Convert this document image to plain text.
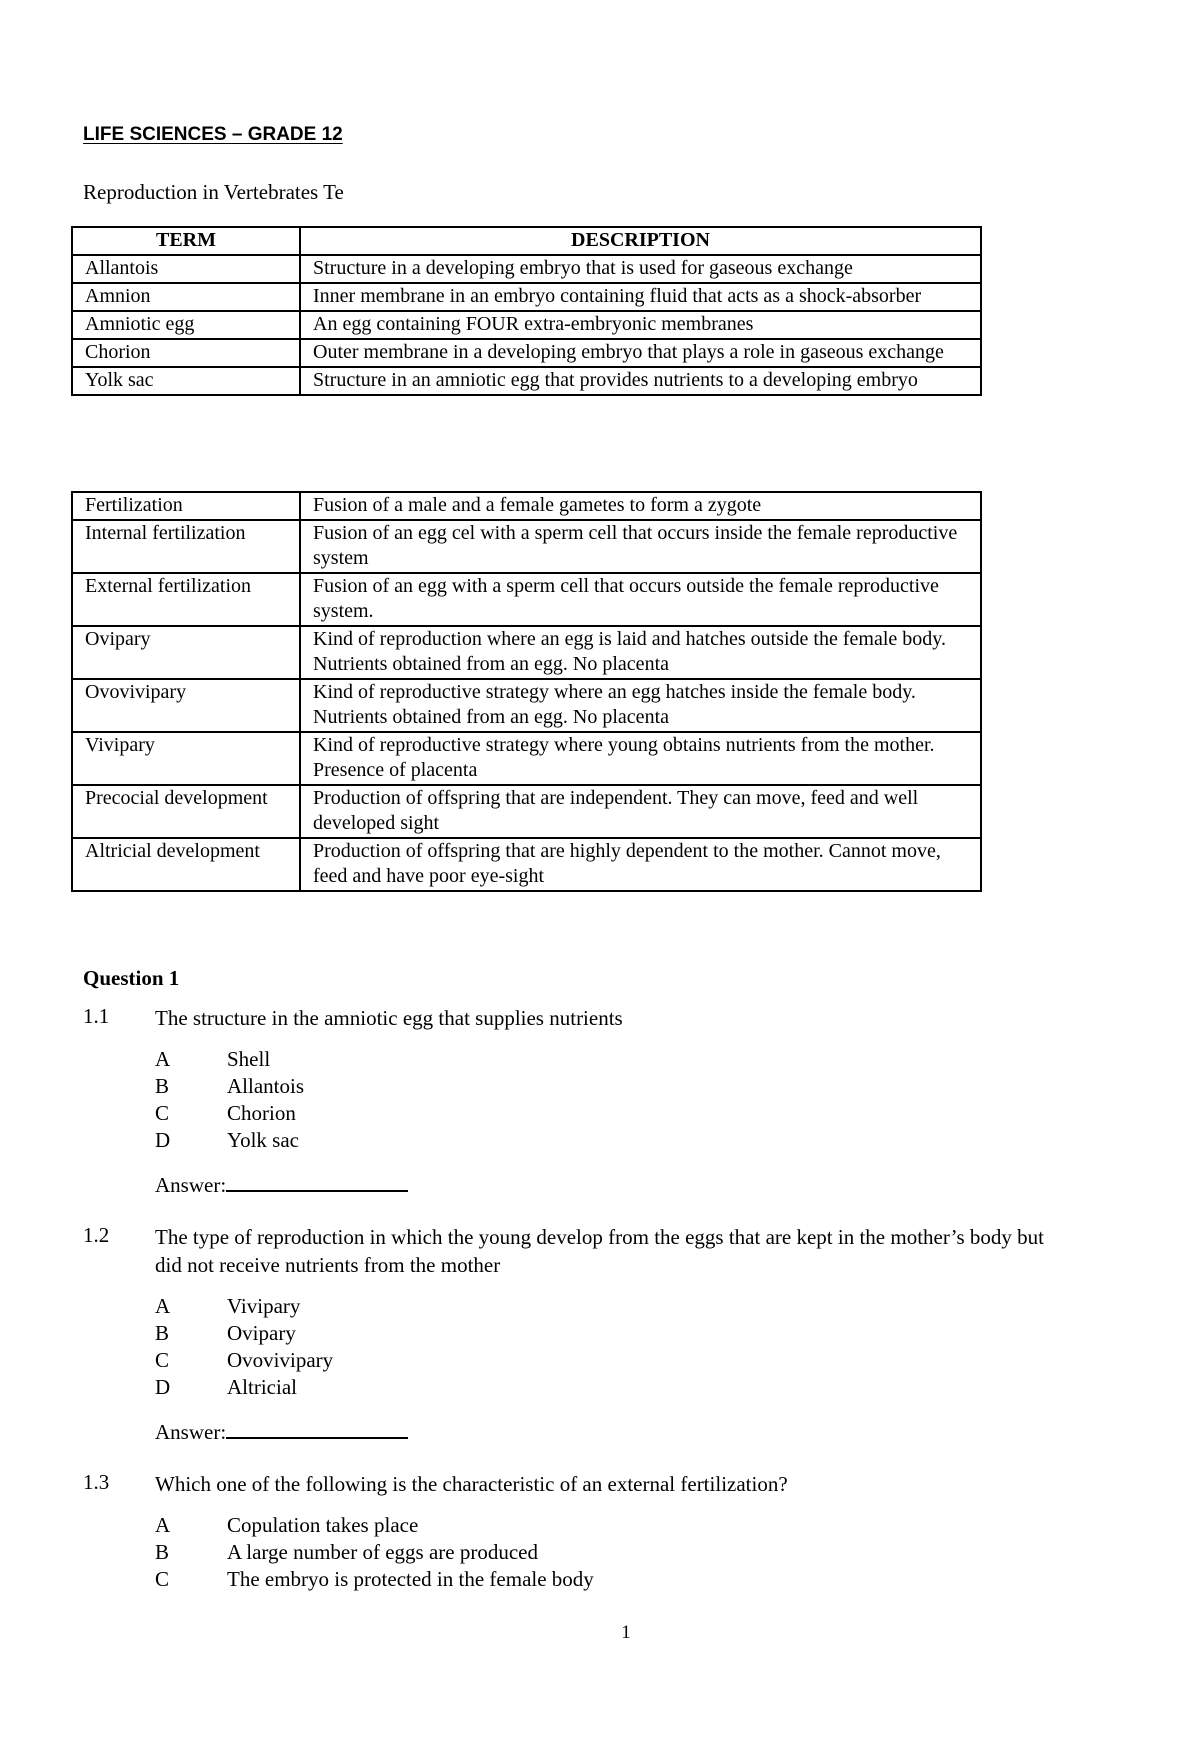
LIFE SCIENCES – GRADE 12
Reproduction in Vertebrates Te
TERM	DESCRIPTION
Allantois	Structure in a developing embryo that is used for gaseous exchange
Amnion	Inner membrane in an embryo containing fluid that acts as a shock-absorber
Amniotic egg	An egg containing FOUR extra-embryonic membranes
Chorion	Outer membrane in a developing embryo that plays a role in gaseous exchange
Yolk sac	Structure in an amniotic egg that provides nutrients to a developing embryo
Fertilization	Fusion of a male and a female gametes to form a zygote
Internal fertilization	Fusion of an egg cel with a sperm cell that occurs inside the female reproductive system
External fertilization	Fusion of an egg with a sperm cell that occurs outside the female reproductive system.
Ovipary	Kind of reproduction where an egg is laid and hatches outside the female body. Nutrients obtained from an egg. No placenta
Ovovivipary	Kind of reproductive strategy where an egg hatches inside the female body. Nutrients obtained from an egg. No placenta
Vivipary	Kind of reproductive strategy where young obtains nutrients from the mother. Presence of placenta
Precocial development	Production of offspring that are independent. They can move, feed and well developed sight
Altricial development	Production of offspring that are highly dependent to the mother. Cannot move, feed and have poor eye-sight
Question 1
1.1 The structure in the amniotic egg that supplies nutrients
A	Shell
B	Allantois
C	Chorion
D	Yolk sac
Answer:
1.2 The type of reproduction in which the young develop from the eggs that are kept in the mother’s body but
did not receive nutrients from the mother
A	Vivipary
B	Ovipary
C	Ovovivipary
D	Altricial
Answer:
1.3 Which one of the following is the characteristic of an external fertilization?
A	Copulation takes place
B	A large number of eggs are produced
C	The embryo is protected in the female body
1
